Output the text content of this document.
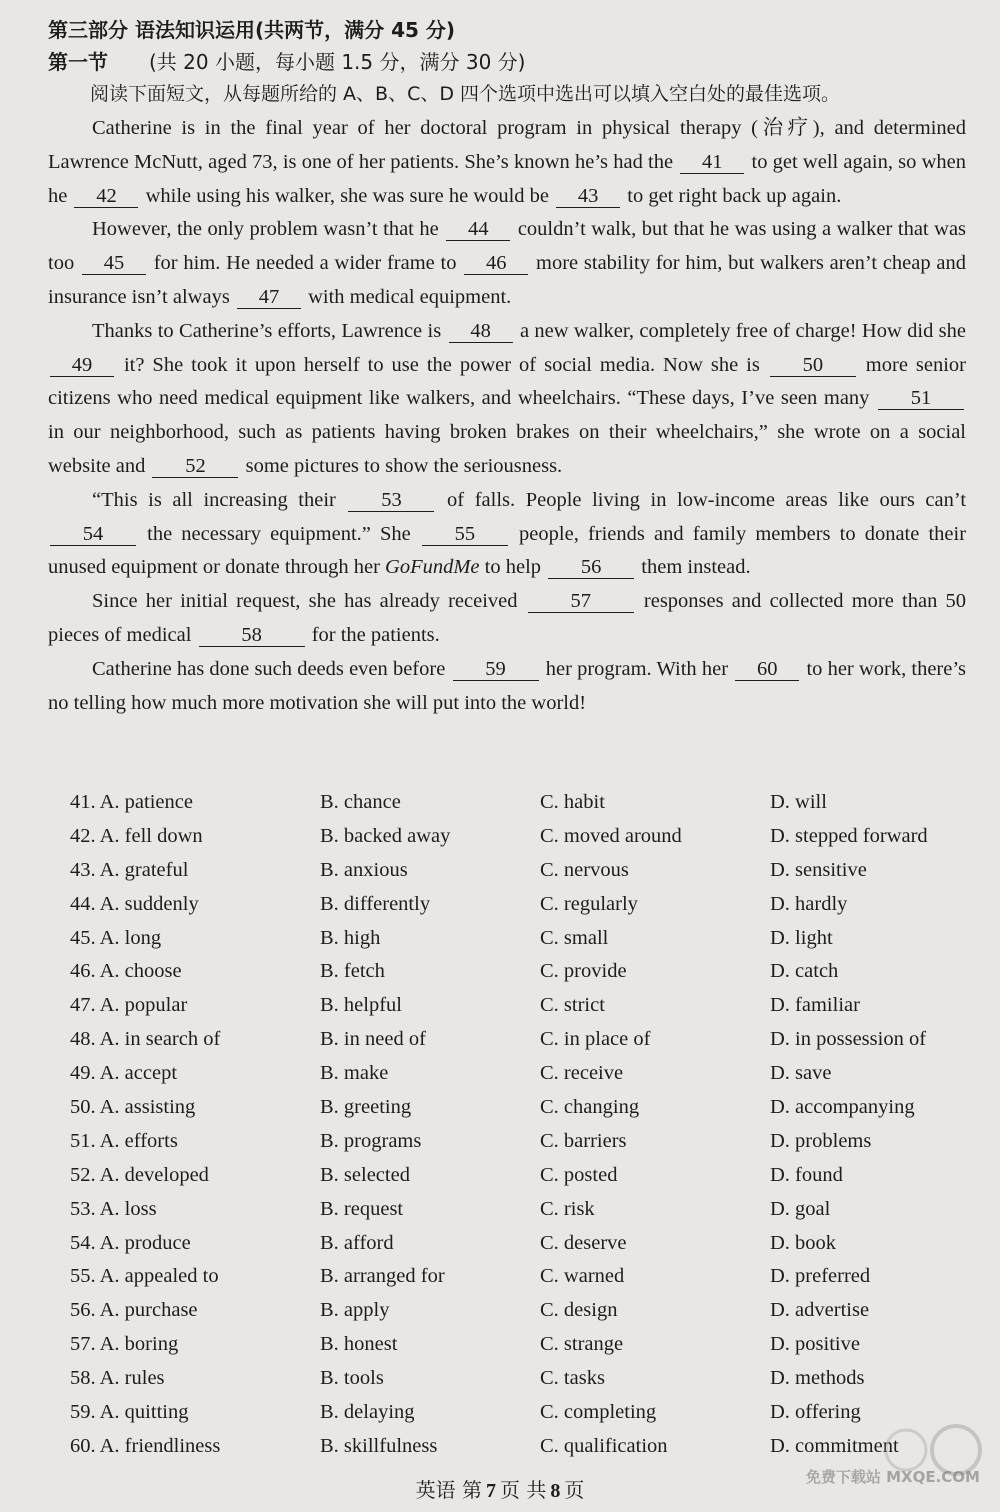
第三部分 语法知识运用(共两节，满分 45 分)
第一节 (共 20 小题，每小题 1.5 分，满分 30 分)
阅读下面短文，从每题所给的 A、B、C、D 四个选项中选出可以填入空白处的最佳选项。

Catherine is in the final year of her doctoral program in physical therapy (治疗), and determined Lawrence McNutt, aged 73, is one of her patients. She’s known he’s had the 41 to get well again, so when he 42 while using his walker, she was sure he would be 43 to get right back up again.

However, the only problem wasn’t that he 44 couldn’t walk, but that he was using a walker that was too 45 for him. He needed a wider frame to 46 more stability for him, but walkers aren’t cheap and insurance isn’t always 47 with medical equipment.

Thanks to Catherine’s efforts, Lawrence is 48 a new walker, completely free of charge! How did she 49 it? She took it upon herself to use the power of social media. Now she is 50 more senior citizens who need medical equipment like walkers, and wheelchairs. “These days, I’ve seen many 51 in our neighborhood, such as patients having broken brakes on their wheelchairs,” she wrote on a social website and 52 some pictures to show the seriousness.

“This is all increasing their 53 of falls. People living in low-income areas like ours can’t 54 the necessary equipment.” She 55 people, friends and family members to donate their unused equipment or donate through her GoFundMe to help 56 them instead.

Since her initial request, she has already received	57	responses and collected more than 50 pieces of medical 58 for the patients.

Catherine has done such deeds even before 59 her program. With her 60 to her work, there’s no telling how much more motivation she will put into the world!

41. A. patience	B. chance	C. habit	D. will
42. A. fell down	B. backed away	C. moved around	D. stepped forward
43. A. grateful	B. anxious	C. nervous	D. sensitive
44. A. suddenly	B. differently	C. regularly	D. hardly
45. A. long	B. high	C. small	D. light
46. A. choose	B. fetch	C. provide	D. catch
47. A. popular	B. helpful	C. strict	D. familiar
48. A. in search of	B. in need of	C. in place of	D. in possession of
49. A. accept	B. make	C. receive	D. save
50. A. assisting	B. greeting	C. changing	D. accompanying
51. A. efforts	B. programs	C. barriers	D. problems
52. A. developed	B. selected	C. posted	D. found
53. A. loss	B. request	C. risk	D. goal
54. A. produce	B. afford	C. deserve	D. book
55. A. appealed to	B. arranged for	C. warned	D. preferred
56. A. purchase	B. apply	C. design	D. advertise
57. A. boring	B. honest	C. strange	D. positive
58. A. rules	B. tools	C. tasks	D. methods
59. A. quitting	B. delaying	C. completing	D. offering
60. A. friendliness	B. skillfulness	C. qualification	D. commitment
英语 第 7 页 共 8 页
免费下载站 MXQE.COM
